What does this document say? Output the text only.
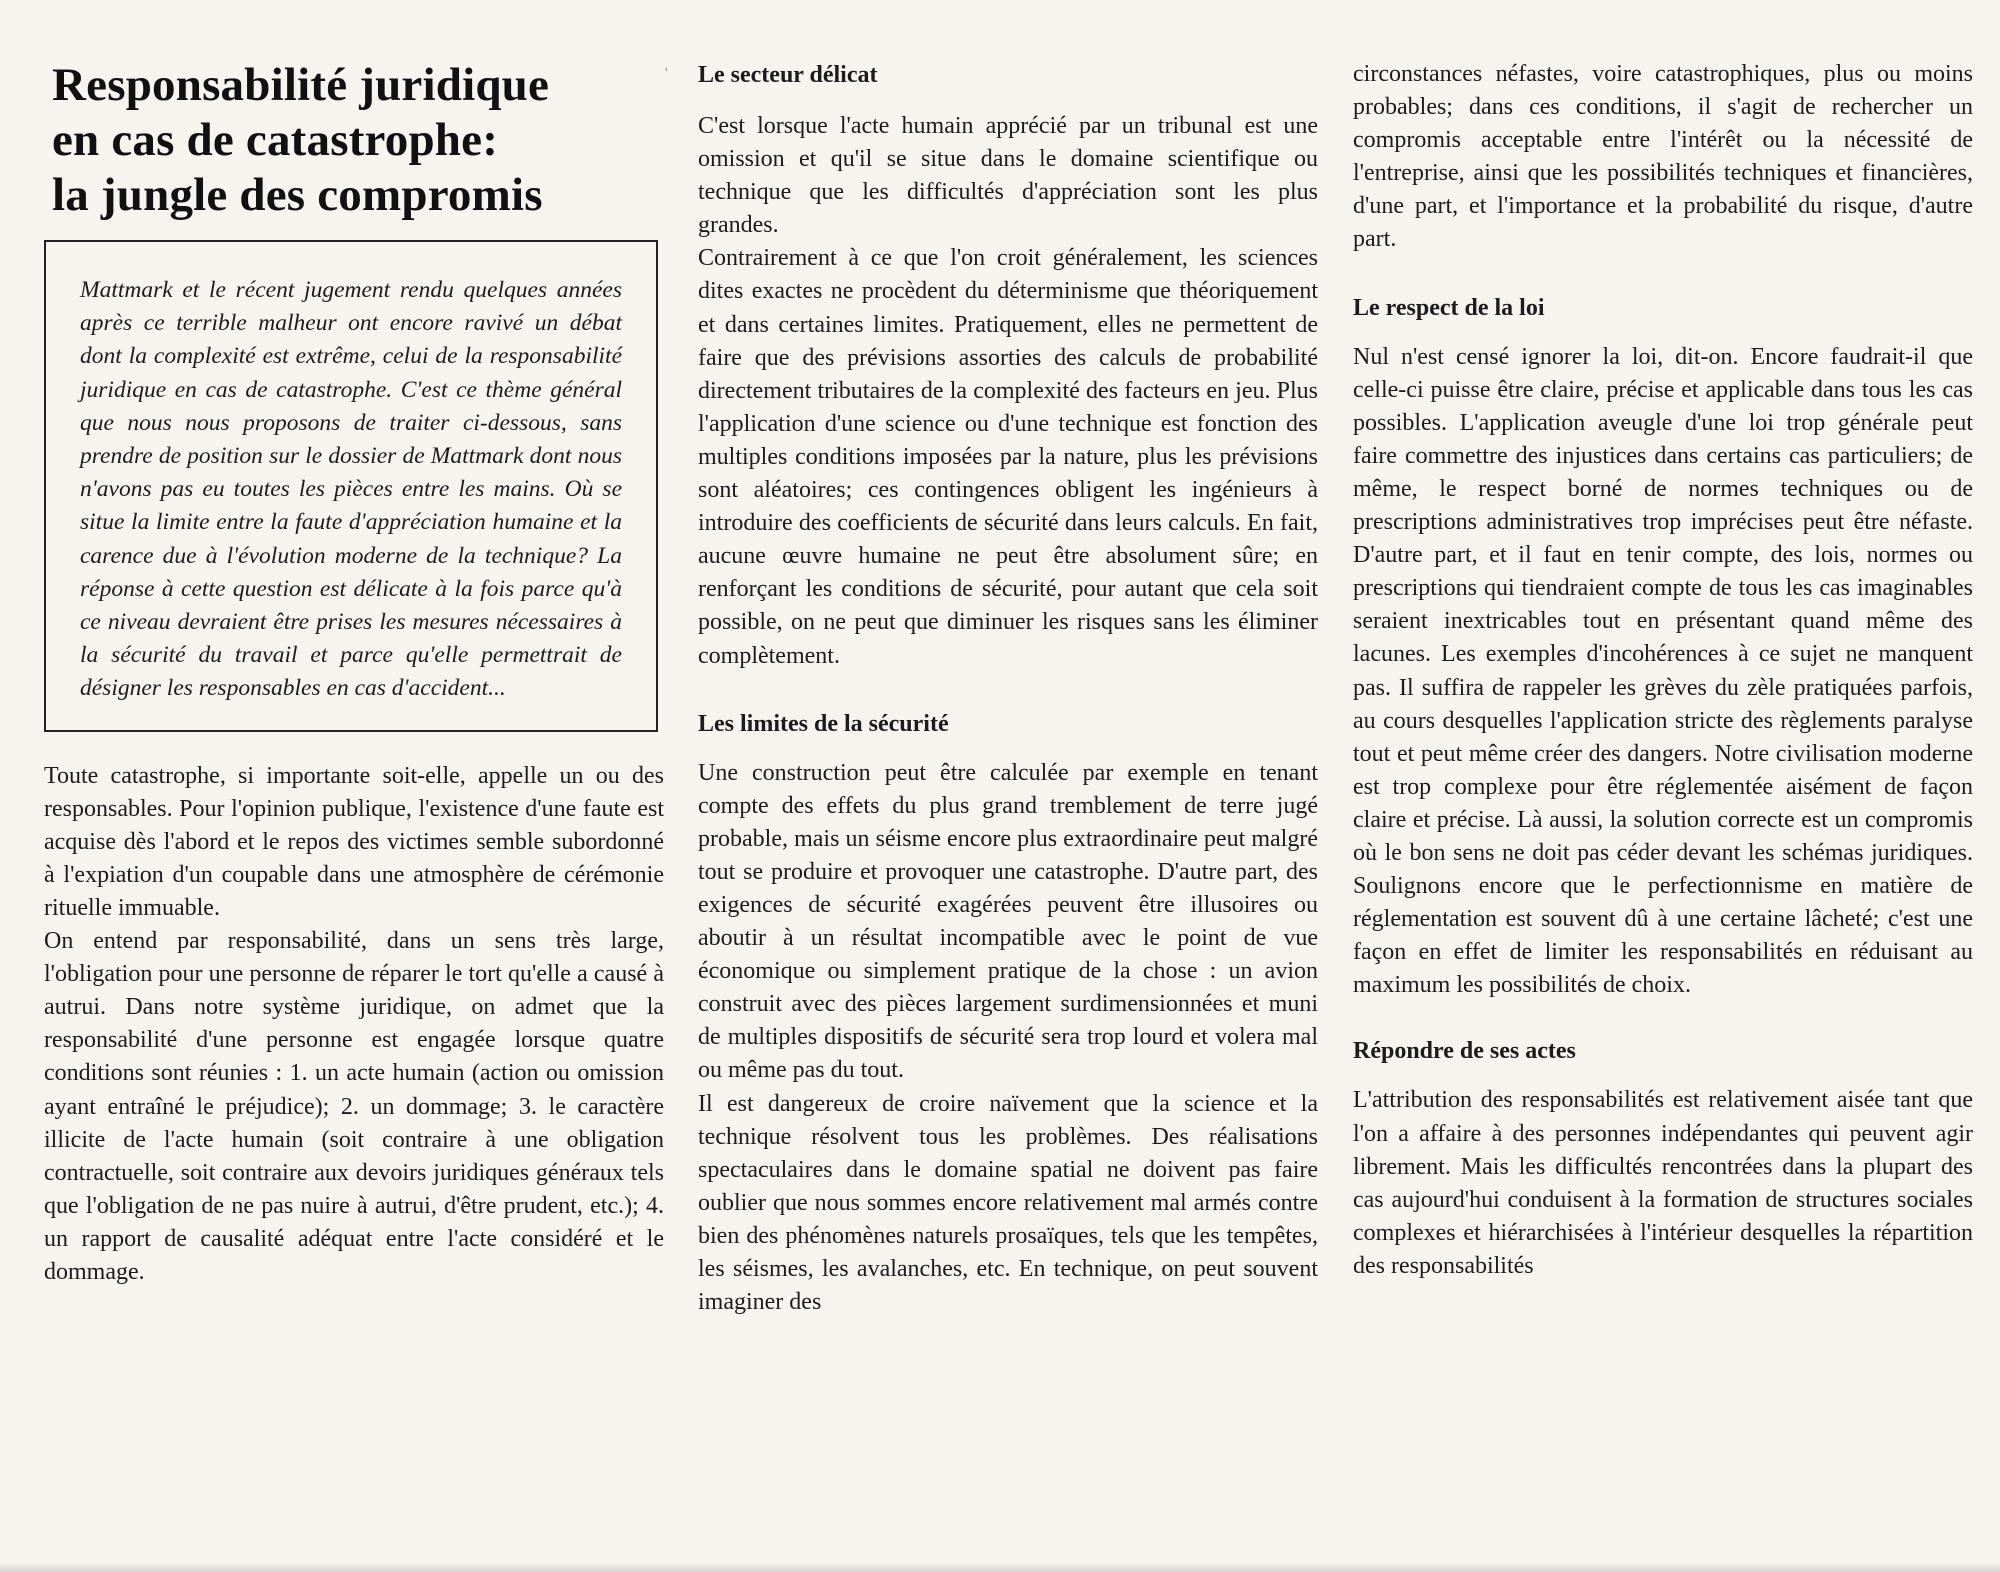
Responsabilité juridique
en cas de catastrophe:
la jungle des compromis

Mattmark et le récent jugement rendu quelques années après ce terrible malheur ont encore ravivé un débat dont la complexité est extrême, celui de la responsabilité juridique en cas de catastrophe. C'est ce thème général que nous nous proposons de traiter ci-dessous, sans prendre de position sur le dossier de Mattmark dont nous n'avons pas eu toutes les pièces entre les mains. Où se situe la limite entre la faute d'appréciation humaine et la carence due à l'évolution moderne de la technique? La réponse à cette question est délicate à la fois parce qu'à ce niveau devraient être prises les mesures nécessaires à la sécurité du travail et parce qu'elle permettrait de désigner les responsables en cas d'accident...

Toute catastrophe, si importante soit-elle, appelle un ou des responsables. Pour l'opinion publique, l'existence d'une faute est acquise dès l'abord et le repos des victimes semble subordonné à l'expiation d'un coupable dans une atmosphère de cérémonie rituelle immuable.

On entend par responsabilité, dans un sens très large, l'obligation pour une personne de réparer le tort qu'elle a causé à autrui. Dans notre système juridique, on admet que la responsabilité d'une personne est engagée lorsque quatre conditions sont réunies : 1. un acte humain (action ou omission ayant entraîné le préjudice); 2. un dommage; 3. le caractère illicite de l'acte humain (soit contraire à une obligation contractuelle, soit contraire aux devoirs juridiques généraux tels que l'obligation de ne pas nuire à autrui, d'être prudent, etc.); 4. un rapport de causalité adéquat entre l'acte considéré et le dommage.

' Le secteur délicat

C'est lorsque l'acte humain apprécié par un tribunal est une omission et qu'il se situe dans le domaine scientifique ou technique que les difficultés d'appréciation sont les plus grandes.

Contrairement à ce que l'on croit généralement, les sciences dites exactes ne procèdent du déterminisme que théoriquement et dans certaines limites. Pratiquement, elles ne permettent de faire que des prévisions assorties des calculs de probabilité directement tributaires de la complexité des facteurs en jeu. Plus l'application d'une science ou d'une technique est fonction des multiples conditions imposées par la nature, plus les prévisions sont aléatoires; ces contingences obligent les ingénieurs à introduire des coefficients de sécurité dans leurs calculs. En fait, aucune œuvre humaine ne peut être absolument sûre; en renforçant les conditions de sécurité, pour autant que cela soit possible, on ne peut que diminuer les risques sans les éliminer complètement.

Les limites de la sécurité

Une construction peut être calculée par exemple en tenant compte des effets du plus grand tremblement de terre jugé probable, mais un séisme encore plus extraordinaire peut malgré tout se produire et provoquer une catastrophe. D'autre part, des exigences de sécurité exagérées peuvent être illusoires ou aboutir à un résultat incompatible avec le point de vue économique ou simplement pratique de la chose : un avion construit avec des pièces largement surdimensionnées et muni de multiples dispositifs de sécurité sera trop lourd et volera mal ou même pas du tout.

Il est dangereux de croire naïvement que la science et la technique résolvent tous les problèmes. Des réalisations spectaculaires dans le domaine spatial ne doivent pas faire oublier que nous sommes encore relativement mal armés contre bien des phénomènes naturels prosaïques, tels que les tempêtes, les séismes, les avalanches, etc. En technique, on peut souvent imaginer des

circonstances néfastes, voire catastrophiques, plus ou moins probables; dans ces conditions, il s'agit de rechercher un compromis acceptable entre l'intérêt ou la nécessité de l'entreprise, ainsi que les possibilités techniques et financières, d'une part, et l'importance et la probabilité du risque, d'autre part.

Le respect de la loi

Nul n'est censé ignorer la loi, dit-on. Encore faudrait-il que celle-ci puisse être claire, précise et applicable dans tous les cas possibles. L'application aveugle d'une loi trop générale peut faire commettre des injustices dans certains cas particuliers; de même, le respect borné de normes techniques ou de prescriptions administratives trop imprécises peut être néfaste. D'autre part, et il faut en tenir compte, des lois, normes ou prescriptions qui tiendraient compte de tous les cas imaginables seraient inextricables tout en présentant quand même des lacunes. Les exemples d'incohérences à ce sujet ne manquent pas. Il suffira de rappeler les grèves du zèle pratiquées parfois, au cours desquelles l'application stricte des règlements paralyse tout et peut même créer des dangers. Notre civilisation moderne est trop complexe pour être réglementée aisément de façon claire et précise. Là aussi, la solution correcte est un compromis où le bon sens ne doit pas céder devant les schémas juridiques. Soulignons encore que le perfectionnisme en matière de réglementation est souvent dû à une certaine lâcheté; c'est une façon en effet de limiter les responsabilités en réduisant au maximum les possibilités de choix.

Répondre de ses actes

L'attribution des responsabilités est relativement aisée tant que l'on a affaire à des personnes indépendantes qui peuvent agir librement. Mais les difficultés rencontrées dans la plupart des cas aujourd'hui conduisent à la formation de structures sociales complexes et hiérarchisées à l'intérieur desquelles la répartition des responsabilités
